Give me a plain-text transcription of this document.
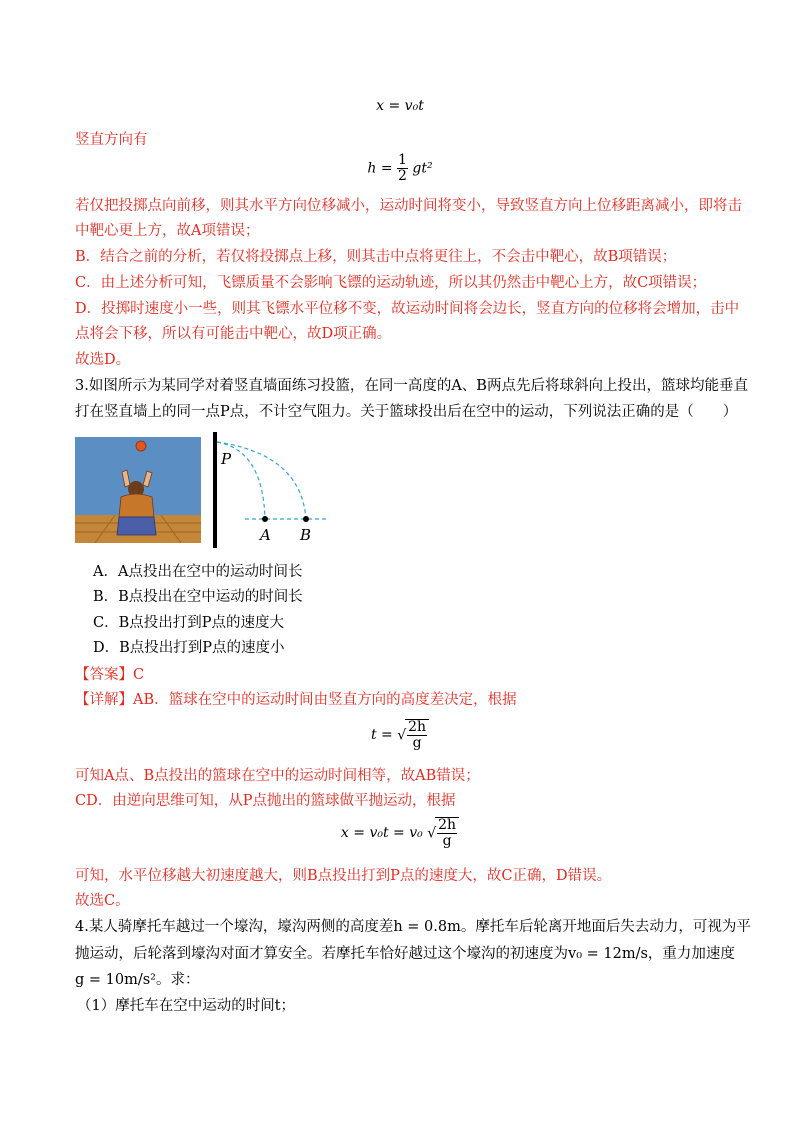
x = v₀t
竖直方向有
$h = \frac{1}{2} gt^2$
若仅把投掷点向前移，则其水平方向位移减小，运动时间将变小，导致竖直方向上位移距离减小，即将击
中靶心更上方，故A项错误；
B．结合之前的分析，若仅将投掷点上移，则其击中点将更往上，不会击中靶心，故B项错误；
C．由上述分析可知，飞镖质量不会影响飞镖的运动轨迹，所以其仍然击中靶心上方，故C项错误；
D．投掷时速度小一些，则其飞镖水平位移不变，故运动时间将会边长，竖直方向的位移将会增加，击中
点将会下移，所以有可能击中靶心，故D项正确。
故选D。
3.如图所示为某同学对着竖直墙面练习投篮，在同一高度的A、B两点先后将球斜向上投出，篮球均能垂直
打在竖直墙上的同一点P点，不计空气阻力。关于篮球投出后在空中的运动，下列说法正确的是（　　）
P
A B
A．A点投出在空中的运动时间长
B．B点投出在空中运动的时间长
C．B点投出打到P点的速度大
D．B点投出打到P点的速度小
【答案】C
【详解】AB．篮球在空中的运动时间由竖直方向的高度差决定，根据
t = √ $\frac{2h}{g}$
可知A点、B点投出的篮球在空中的运动时间相等，故AB错误；
CD．由逆向思维可知，从P点抛出的篮球做平抛运动，根据
x = v₀t = v₀ √ $\frac{2h}{g}$
可知，水平位移越大初速度越大，则B点投出打到P点的速度大，故C正确，D错误。
故选C。
4.某人骑摩托车越过一个壕沟，壕沟两侧的高度差h = 0.8m。摩托车后轮离开地面后失去动力，可视为平
抛运动，后轮落到壕沟对面才算安全。若摩托车恰好越过这个壕沟的初速度为v₀ = 12m/s，重力加速度
g = 10m/s²。求：
（1）摩托车在空中运动的时间t；
